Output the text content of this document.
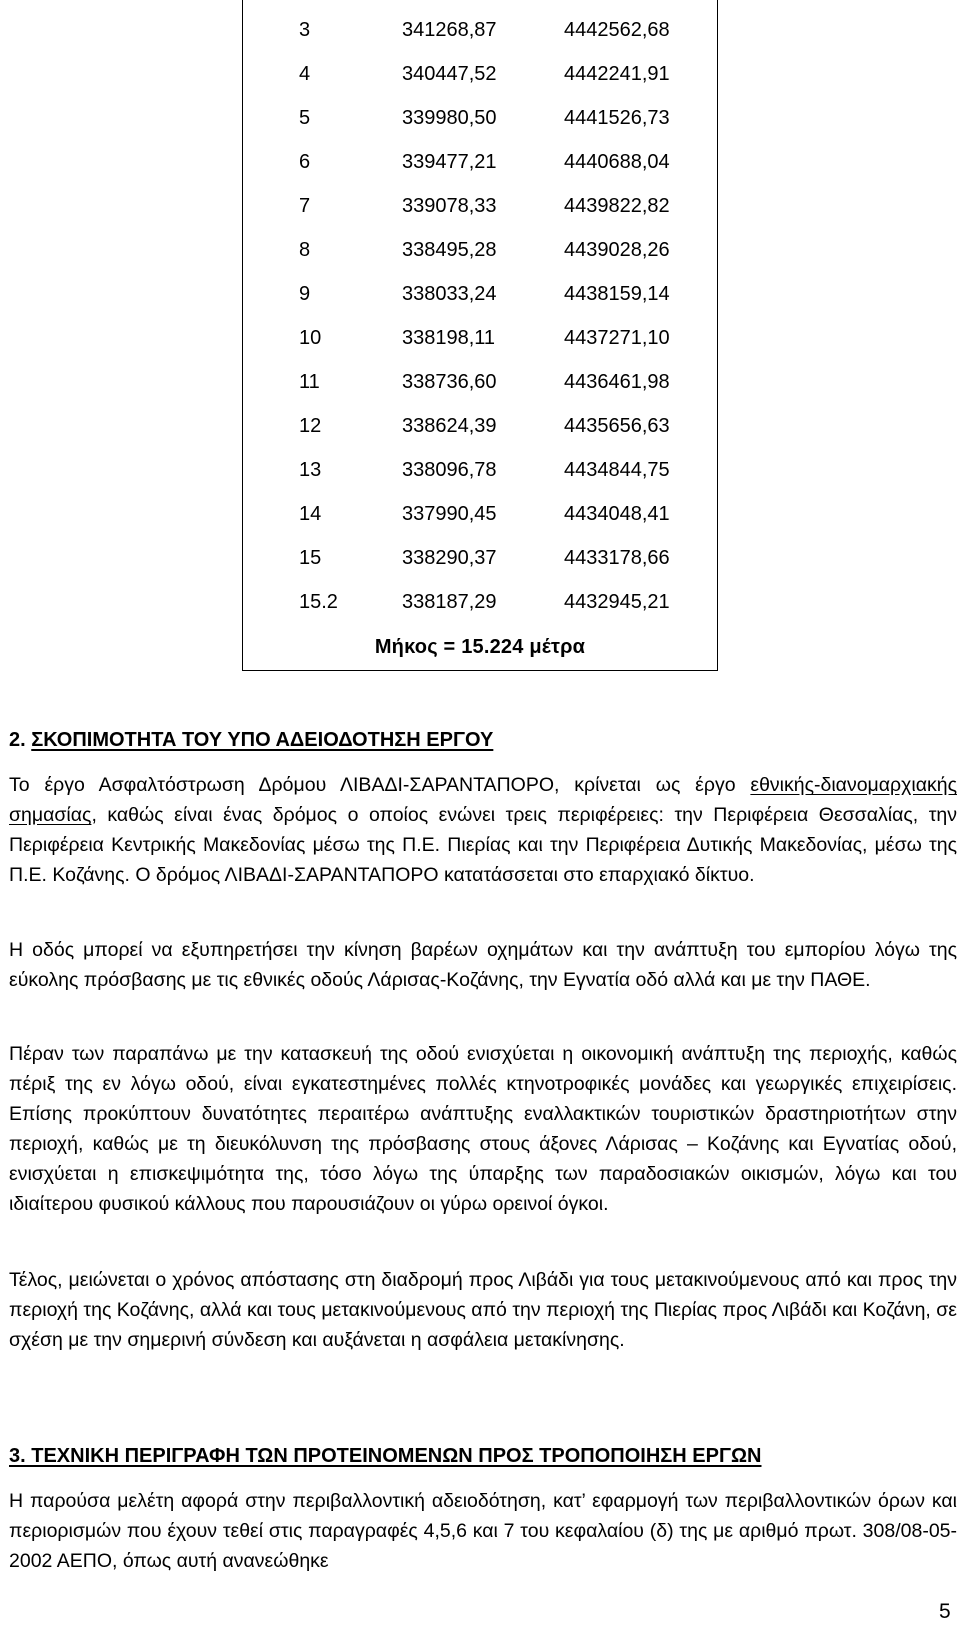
3	341268,87	4442562,68
4	340447,52	4442241,91
5	339980,50	4441526,73
6	339477,21	4440688,04
7	339078,33	4439822,82
8	338495,28	4439028,26
9	338033,24	4438159,14
10	338198,11	4437271,10
11	338736,60	4436461,98
12	338624,39	4435656,63
13	338096,78	4434844,75
14	337990,45	4434048,41
15	338290,37	4433178,66
15.2	338187,29	4432945,21
Μήκος = 15.224 μέτρα
2. ΣΚΟΠΙΜΟΤΗΤΑ ΤΟΥ ΥΠΟ ΑΔΕΙΟΔΟΤΗΣΗ ΕΡΓΟΥ

Το έργο Ασφαλτόστρωση Δρόμου ΛΙΒΑΔΙ-ΣΑΡΑΝΤΑΠΟΡΟ, κρίνεται ως έργο εθνικής-διανομαρχιακής σημασίας, καθώς είναι ένας δρόμος ο οποίος ενώνει τρεις περιφέρειες: την Περιφέρεια Θεσσαλίας, την Περιφέρεια Κεντρικής Μακεδονίας μέσω της Π.Ε. Πιερίας και την Περιφέρεια Δυτικής Μακεδονίας, μέσω της Π.Ε. Κοζάνης. Ο δρόμος ΛΙΒΑΔΙ-ΣΑΡΑΝΤΑΠΟΡΟ κατατάσσεται στο επαρχιακό δίκτυο.

Η οδός μπορεί να εξυπηρετήσει την κίνηση βαρέων οχημάτων και την ανάπτυξη του εμπορίου λόγω της εύκολης πρόσβασης με τις εθνικές οδούς Λάρισας-Κοζάνης, την Εγνατία οδό αλλά και με την ΠΑΘΕ.

Πέραν των παραπάνω με την κατασκευή της οδού ενισχύεται η οικονομική ανάπτυξη της περιοχής, καθώς πέριξ της εν λόγω οδού, είναι εγκατεστημένες πολλές κτηνοτροφικές μονάδες και γεωργικές επιχειρίσεις. Επίσης προκύπτουν δυνατότητες περαιτέρω ανάπτυξης εναλλακτικών τουριστικών δραστηριοτήτων στην περιοχή, καθώς με τη διευκόλυνση της πρόσβασης στους άξονες Λάρισας – Κοζάνης και Εγνατίας οδού, ενισχύεται η επισκεψιμότητα της, τόσο λόγω της ύπαρξης των παραδοσιακών οικισμών, λόγω και του ιδιαίτερου φυσικού κάλλους που παρουσιάζουν οι γύρω ορεινοί όγκοι.

Τέλος, μειώνεται ο χρόνος απόστασης στη διαδρομή προς Λιβάδι για τους μετακινούμενους από και προς την περιοχή της Κοζάνης, αλλά και τους μετακινούμενους από την περιοχή της Πιερίας προς Λιβάδι και Κοζάνη, σε σχέση με την σημερινή σύνδεση και αυξάνεται η ασφάλεια μετακίνησης.

3. ΤΕΧΝΙΚΗ ΠΕΡΙΓΡΑΦΗ ΤΩΝ ΠΡΟΤΕΙΝΟΜΕΝΩΝ ΠΡΟΣ ΤΡΟΠΟΠΟΙΗΣΗ ΕΡΓΩΝ

Η παρούσα μελέτη αφορά στην περιβαλλοντική αδειοδότηση, κατ’ εφαρμογή των περιβαλλοντικών όρων και περιορισμών που έχουν τεθεί στις παραγραφές 4,5,6 και 7 του κεφαλαίου (δ) της με αριθμό πρωτ. 308/08-05-2002 ΑΕΠΟ, όπως αυτή ανανεώθηκε

5
